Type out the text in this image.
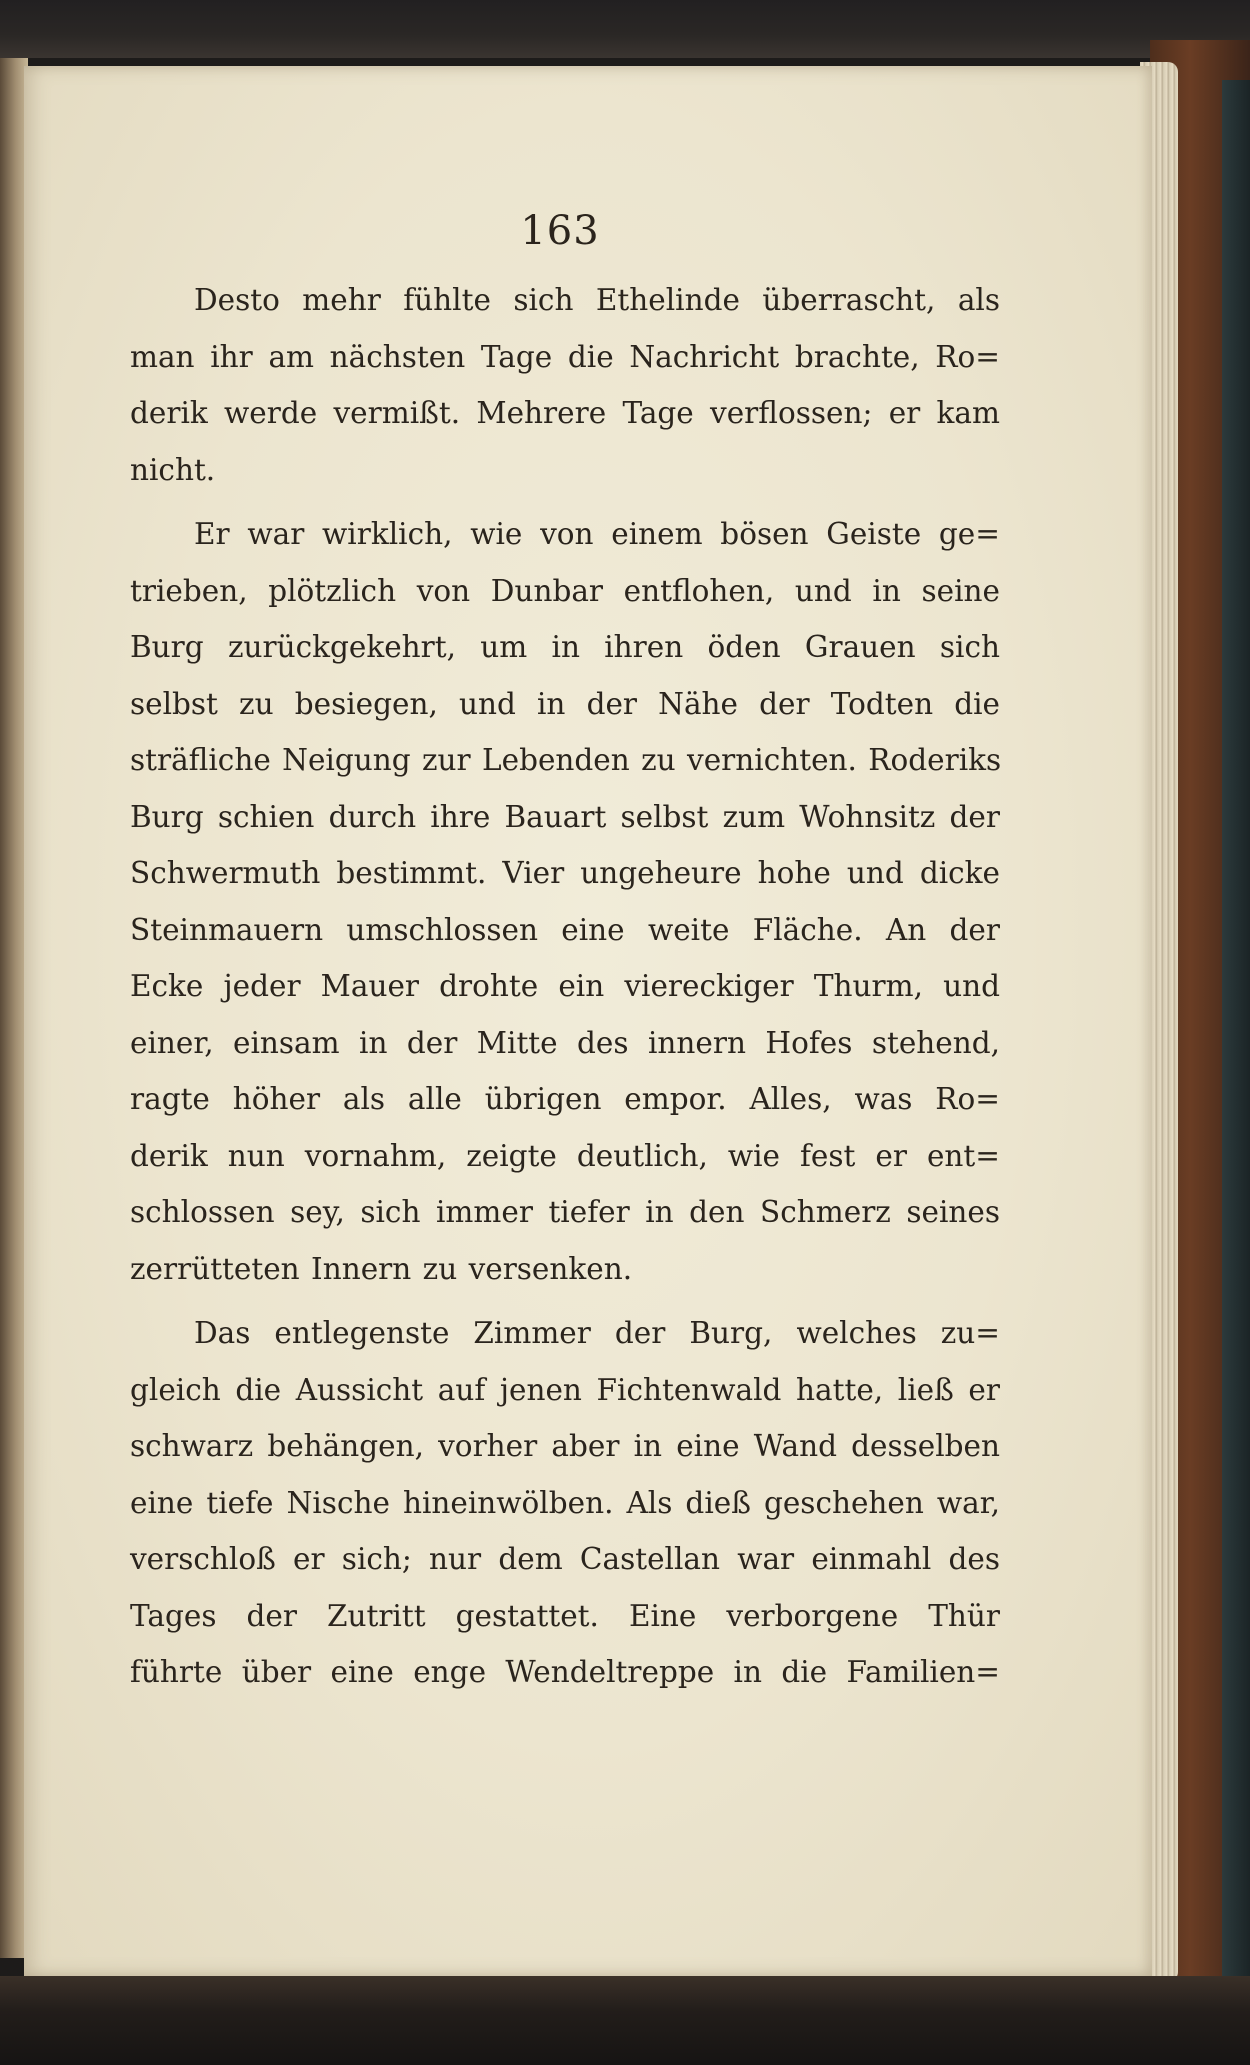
163
Desto mehr fühlte sich Ethelinde überrascht, als
man ihr am nächsten Tage die Nachricht brachte, Ro=
derik werde vermißt. Mehrere Tage verflossen; er kam
nicht.
Er war wirklich, wie von einem bösen Geiste ge=
trieben, plötzlich von Dunbar entflohen, und in seine
Burg zurückgekehrt, um in ihren öden Grauen sich
selbst zu besiegen, und in der Nähe der Todten die
sträfliche Neigung zur Lebenden zu vernichten. Roderiks
Burg schien durch ihre Bauart selbst zum Wohnsitz der
Schwermuth bestimmt. Vier ungeheure hohe und dicke
Steinmauern umschlossen eine weite Fläche. An der
Ecke jeder Mauer drohte ein viereckiger Thurm, und
einer, einsam in der Mitte des innern Hofes stehend,
ragte höher als alle übrigen empor. Alles, was Ro=
derik nun vornahm, zeigte deutlich, wie fest er ent=
schlossen sey, sich immer tiefer in den Schmerz seines
zerrütteten Innern zu versenken.
Das entlegenste Zimmer der Burg, welches zu=
gleich die Aussicht auf jenen Fichtenwald hatte, ließ er
schwarz behängen, vorher aber in eine Wand desselben
eine tiefe Nische hineinwölben. Als dieß geschehen war,
verschloß er sich; nur dem Castellan war einmahl des
Tages der Zutritt gestattet. Eine verborgene Thür
führte über eine enge Wendeltreppe in die Familien=
